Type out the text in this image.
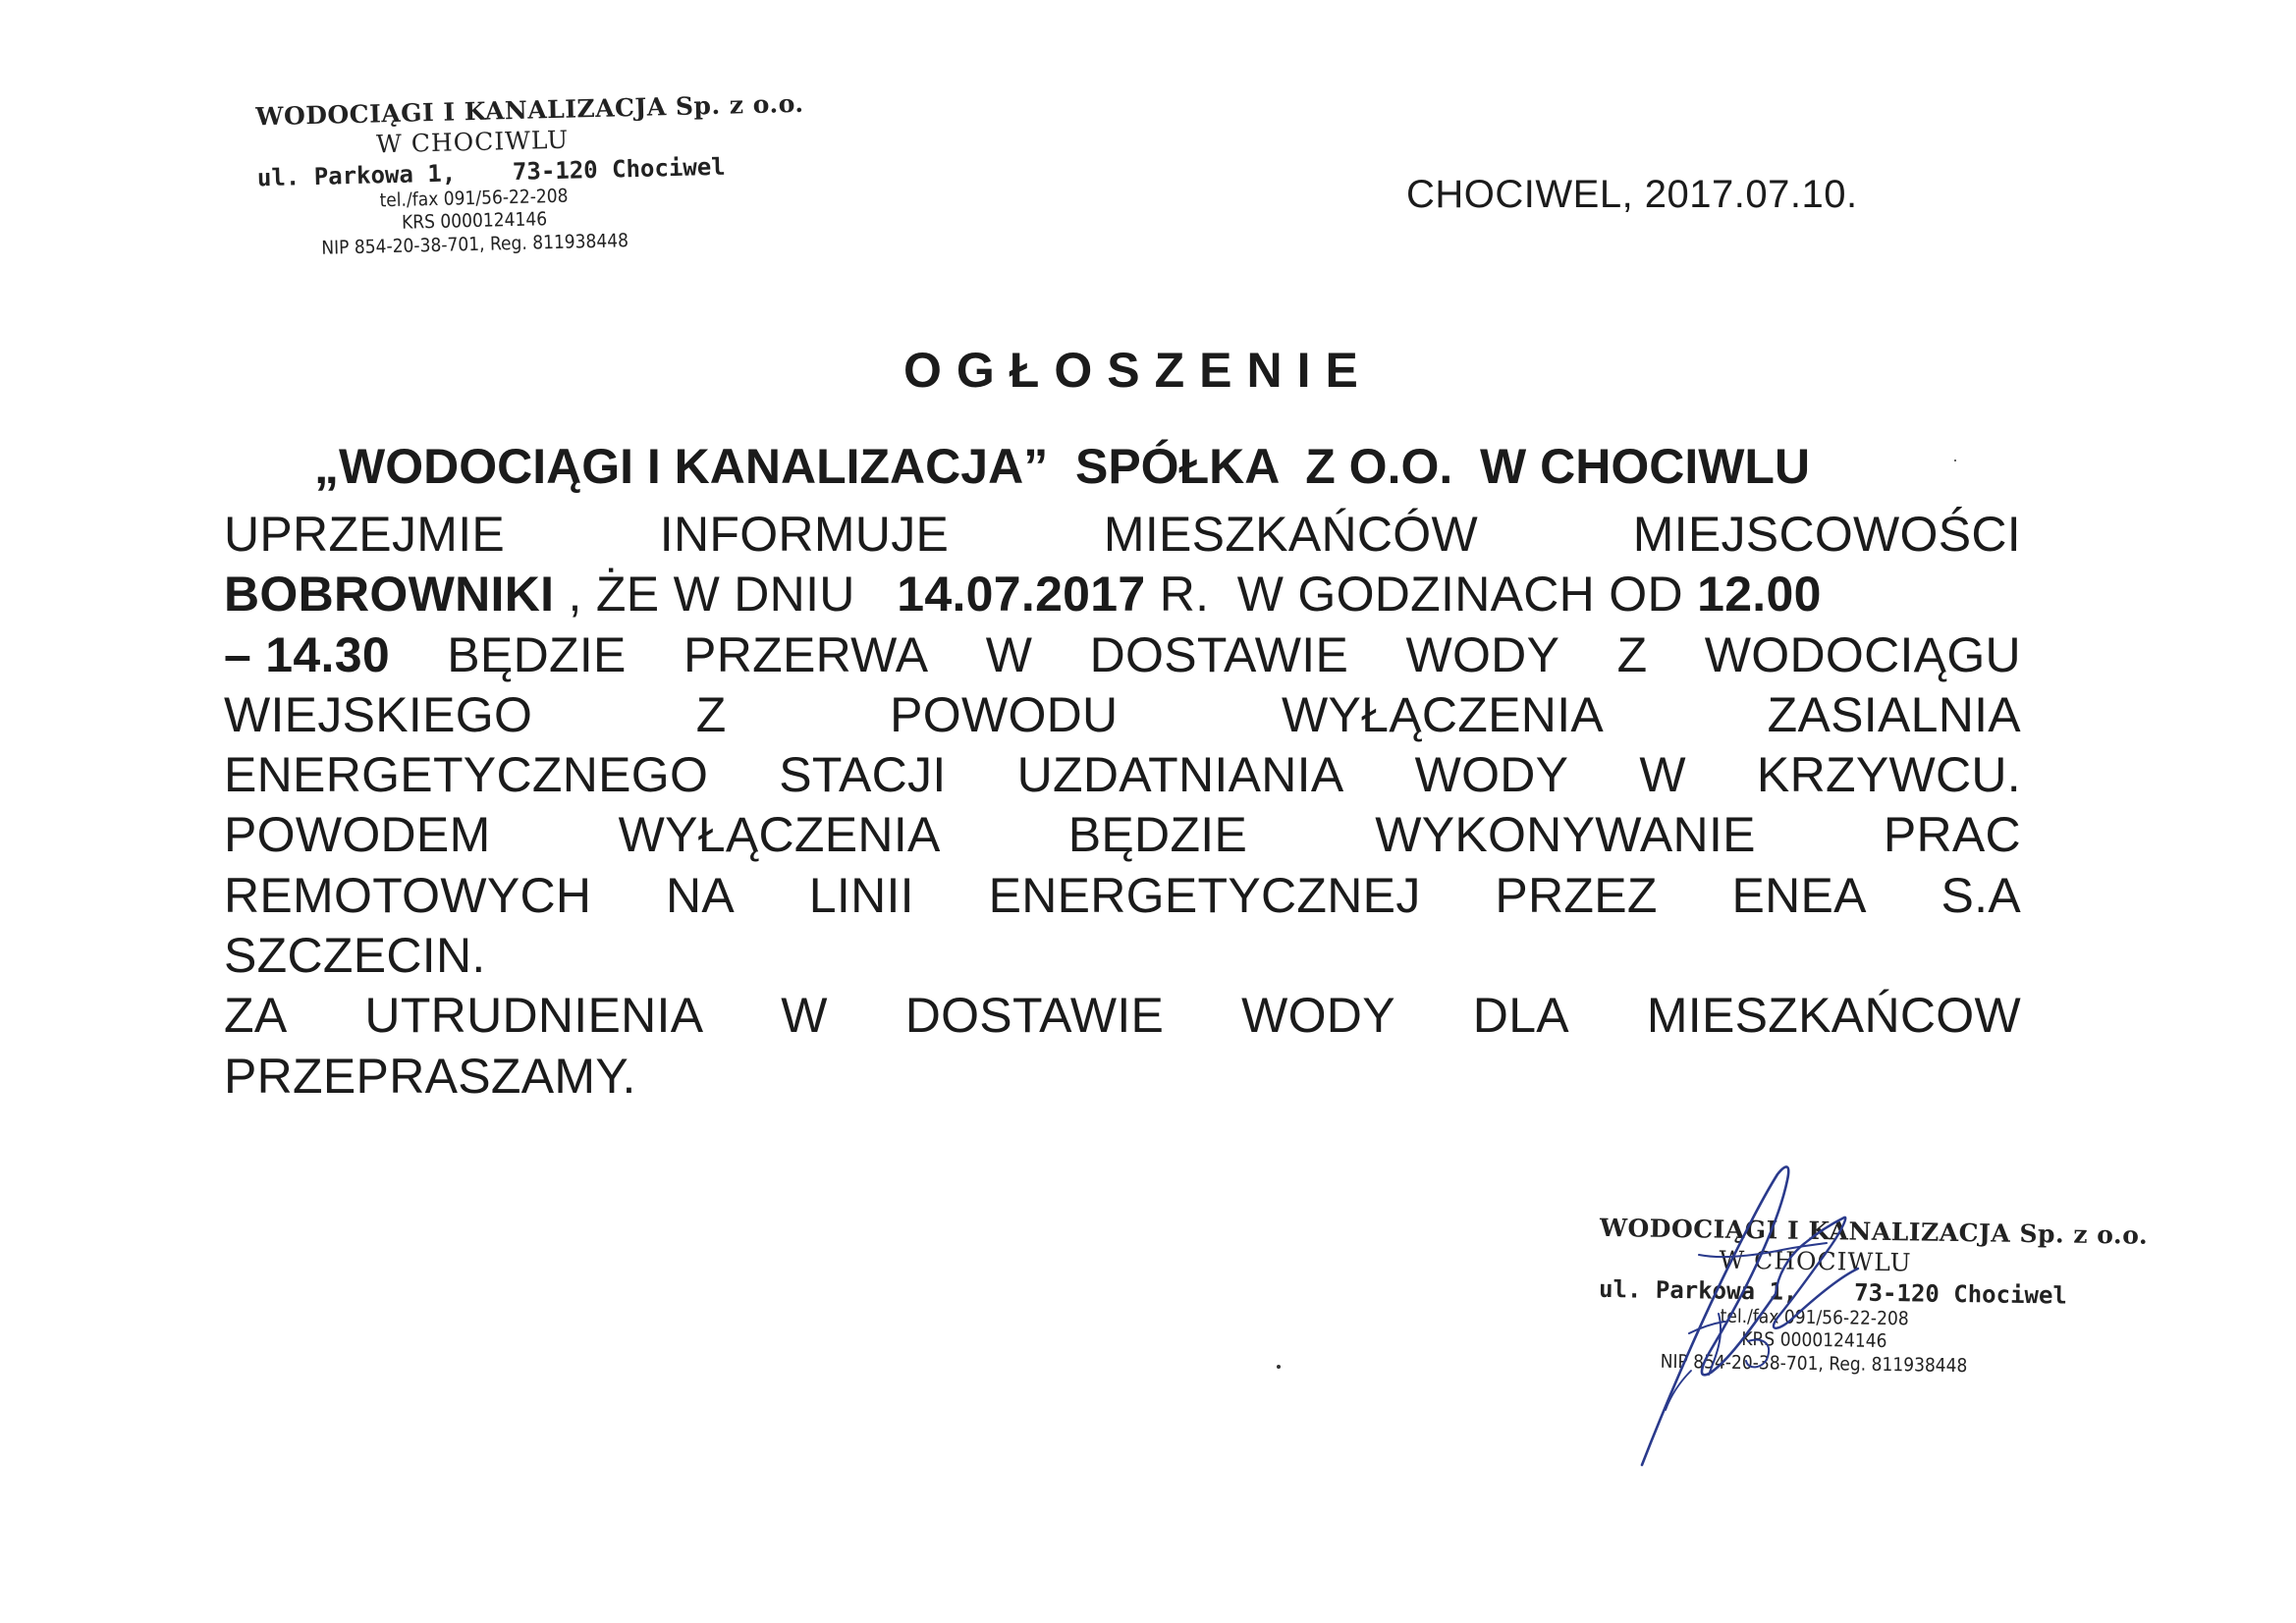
WODOCIĄGI I KANALIZACJA Sp. z o.o.
W CHOCIWLU
ul. Parkowa 1, 73-120 Chociwel
tel./fax 091/56-22-208
KRS 0000124146
NIP 854-20-38-701, Reg. 811938448
CHOCIWEL, 2017.07.10.
OGŁOSZENIE
„WODOCIĄGI I KANALIZACJA”  SPÓŁKA  Z O.O.  W CHOCIWLU
UPRZEJMIE	INFORMUJE	MIESZKAŃCÓW	MIEJSCOWOŚCI
BOBROWNIKI , ŻE W DNIU 14.07.2017 R.  W GODZINACH OD 12.00
– 14.30 BĘDZIE PRZERWA W DOSTAWIE WODY Z WODOCIĄGU
WIEJSKIEGO	Z	POWODU	WYŁĄCZENIA	ZASIALNIA
ENERGETYCZNEGO STACJI UZDATNIANIA WODY W KRZYWCU.
POWODEM	WYŁĄCZENIA	BĘDZIE	WYKONYWANIE	PRAC
REMOTOWYCH NA LINII ENERGETYCZNEJ PRZEZ ENEA S.A
SZCZECIN.
ZA UTRUDNIENIA W DOSTAWIE WODY DLA MIESZKAŃCOW
PRZEPRASZAMY.
WODOCIĄGI I KANALIZACJA Sp. z o.o.
W CHOCIWLU
ul. Parkowa 1, 73-120 Chociwel
tel./fax 091/56-22-208
KRS 0000124146
NIP 854-20-38-701, Reg. 811938448
